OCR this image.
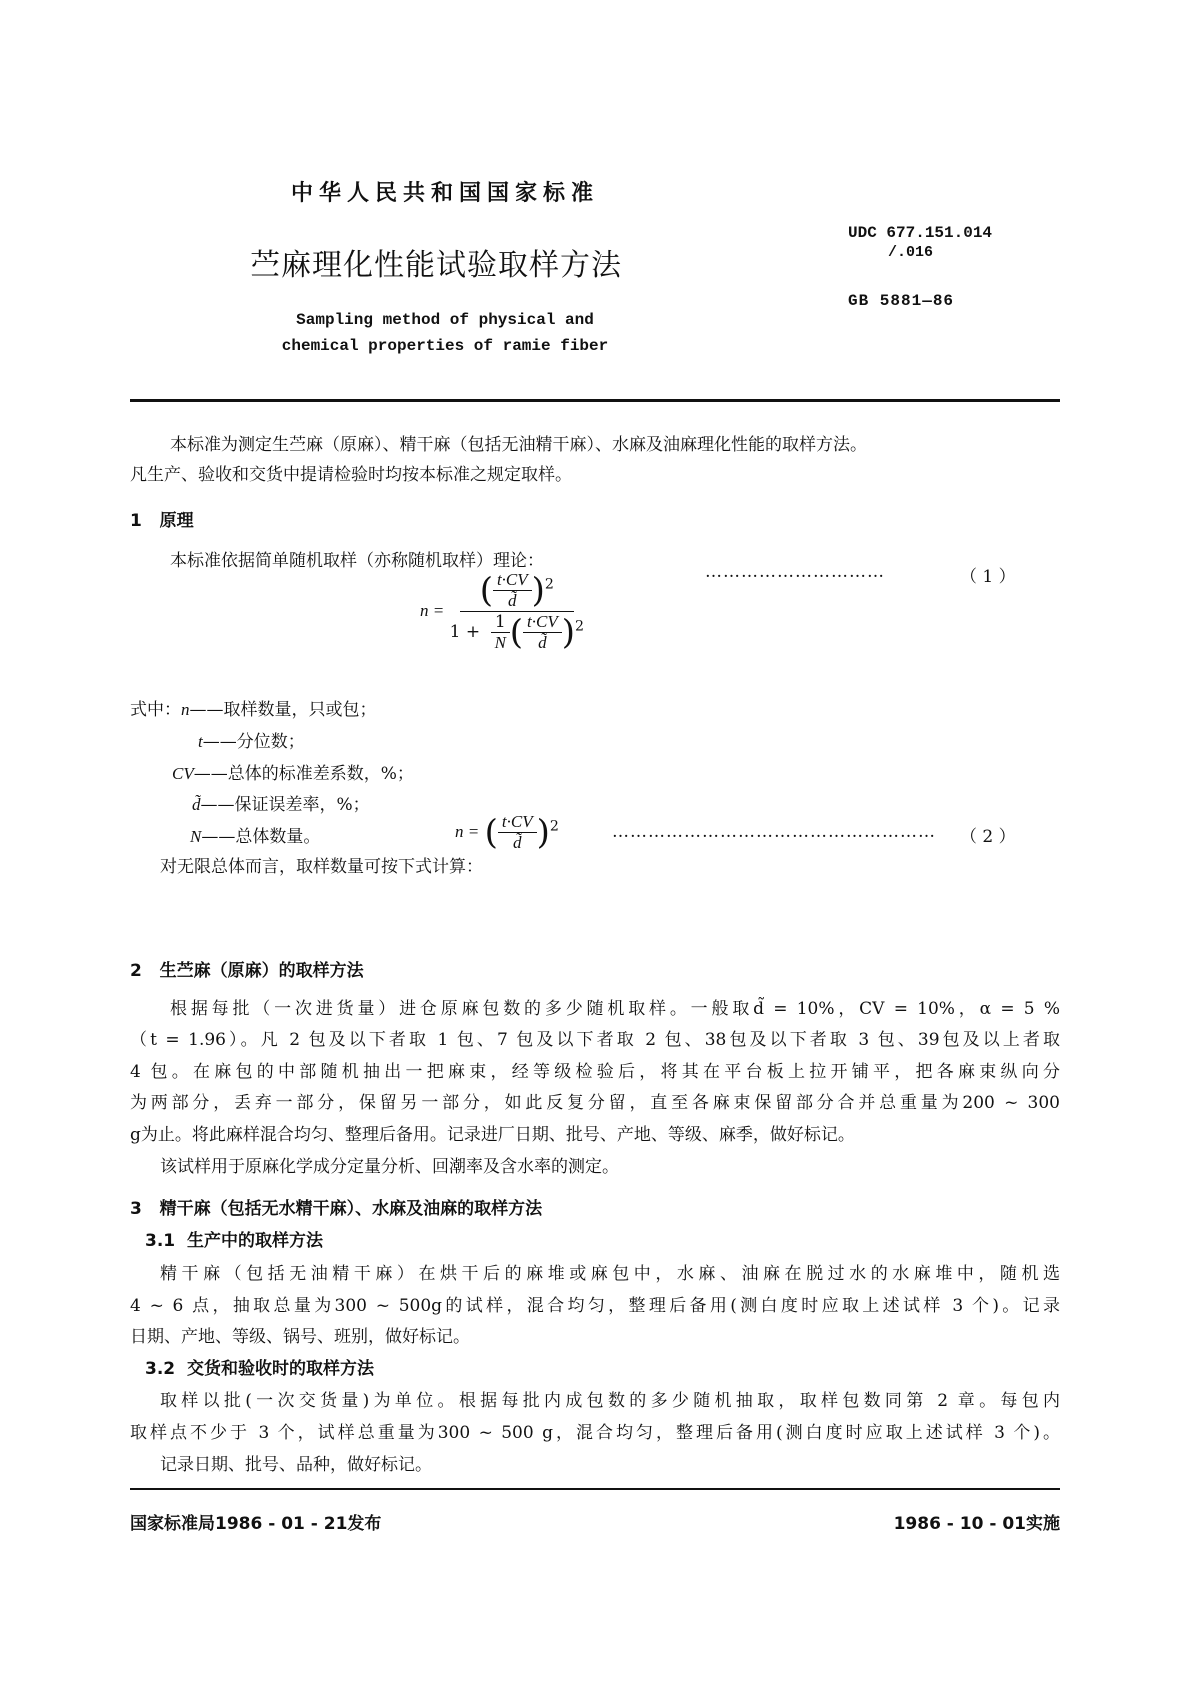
中华人民共和国国家标准
苎麻理化性能试验取样方法
Sampling method of physical and
chemical properties of ramie fiber
UDC 677.151.014
/.016
GB 5881—86
本标准为测定生苎麻（原麻）、精干麻（包括无油精干麻）、水麻及油麻理化性能的取样方法。
凡生产、验收和交货中提请检验时均按本标准之规定取样。
1 原理
本标准依据简单随机取样（亦称随机取样）理论：
$n = \frac{( \frac{t\cdot CV}{d̃} )^2}{1 + \frac{1}{N} ( \frac{t\cdot CV}{d̃} )^2}$	…………………………	（ 1 ）
式中：n——取样数量，只或包；
t——分位数；
CV——总体的标准差系数，%；
d̃——保证误差率，%；
N——总体数量。
对无限总体而言，取样数量可按下式计算：
n = ( $\frac{t\cdot CV}{d̃} )^2$	……………………………………………… （ 2 ）
2 生苎麻（原麻）的取样方法
根据每批（一次进货量）进仓原麻包数的多少随机取样。一般取d̃ = 10%，CV = 10%，α = 5 %
（t = 1.96）。凡 2 包及以下者取 1 包、7 包及以下者取 2 包、38包及以下者取 3 包、39包及以上者取
4 包。在麻包的中部随机抽出一把麻束，经等级检验后，将其在平台板上拉开铺平，把各麻束纵向分
为两部分，丢弃一部分，保留另一部分，如此反复分留，直至各麻束保留部分合并总重量为200 ~ 300
g为止。将此麻样混合均匀、整理后备用。记录进厂日期、批号、产地、等级、麻季，做好标记。
该试样用于原麻化学成分定量分析、回潮率及含水率的测定。
3 精干麻（包括无水精干麻）、水麻及油麻的取样方法
3.1 生产中的取样方法
精干麻（包括无油精干麻）在烘干后的麻堆或麻包中，水麻、油麻在脱过水的水麻堆中，随机选
4 ~ 6 点，抽取总量为300 ~ 500g的试样，混合均匀，整理后备用(测白度时应取上述试样 3 个)。记录
日期、产地、等级、锅号、班别，做好标记。
3.2 交货和验收时的取样方法
取样以批(一次交货量)为单位。根据每批内成包数的多少随机抽取，取样包数同第 2 章。每包内
取样点不少于 3 个，试样总重量为300 ~ 500 g，混合均匀，整理后备用(测白度时应取上述试样 3 个)。
记录日期、批号、品种，做好标记。
国家标准局1986 - 01 - 21发布	1986 - 10 - 01实施
